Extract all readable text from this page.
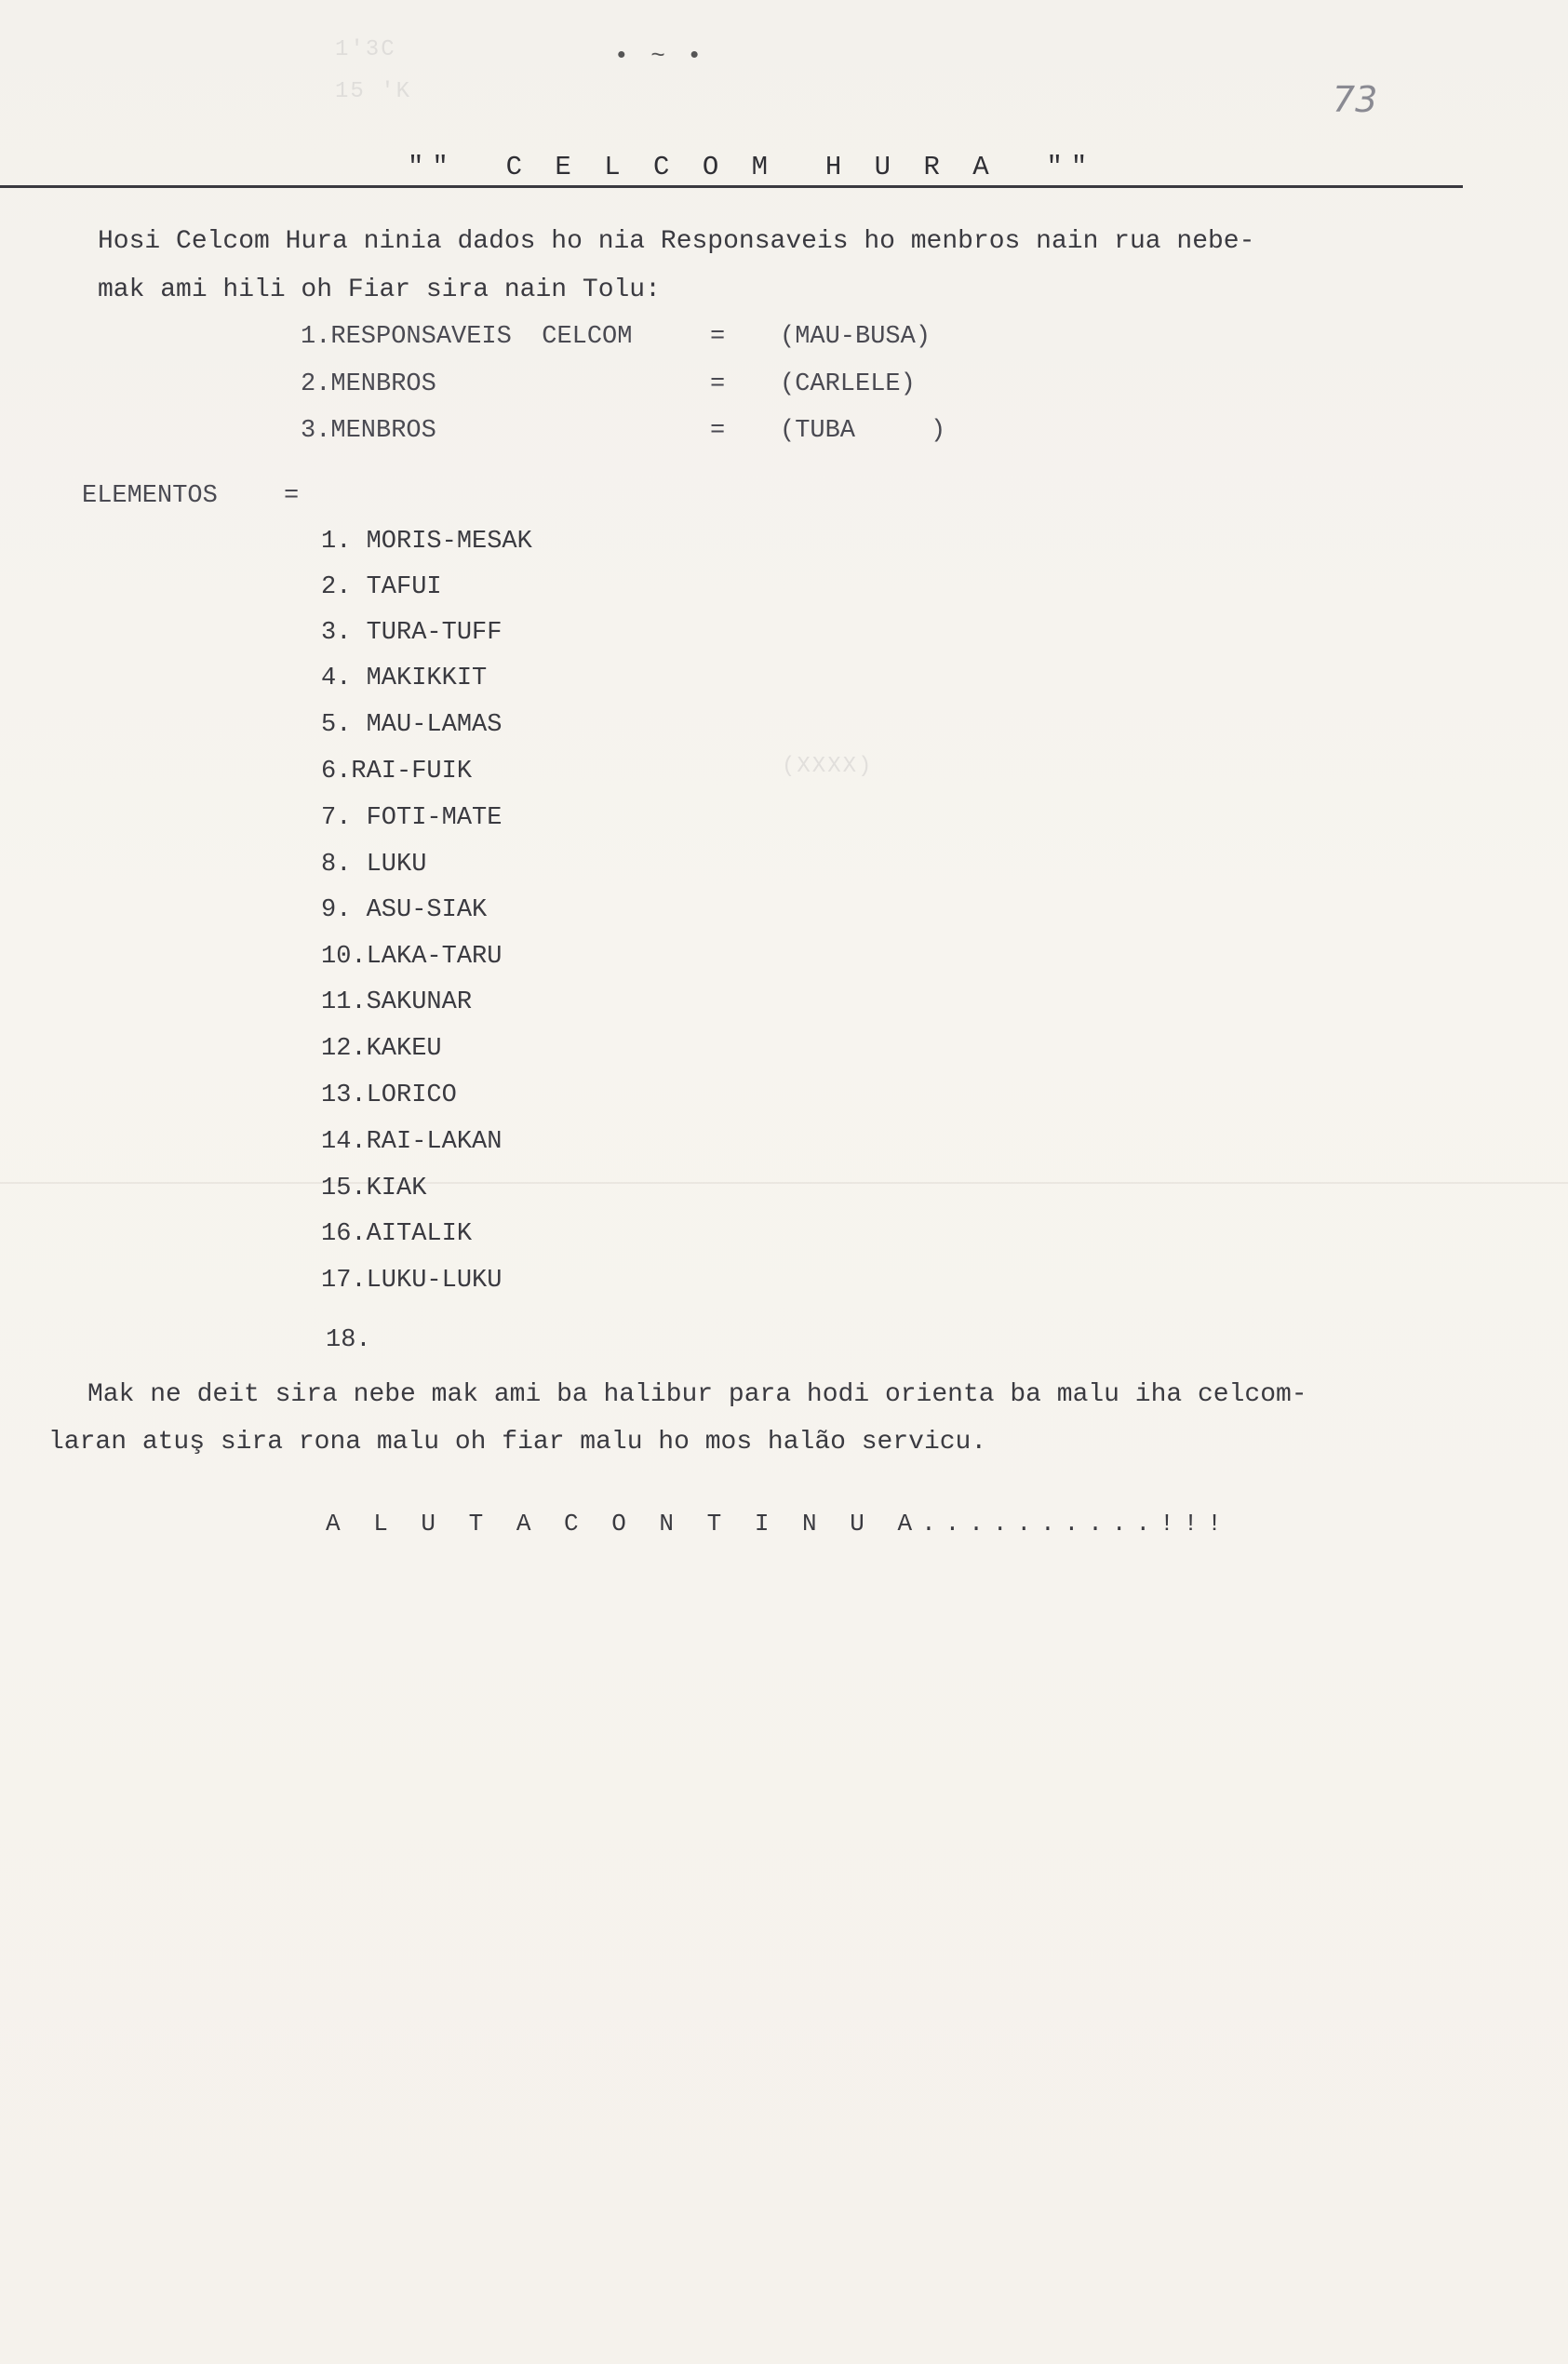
1'3C
15 'K
(XXXX)
• ~ •
73
""  C E L C O M  H U R A  ""
Hosi Celcom Hura ninia dados ho nia Responsaveis ho menbros nain rua nebe-
mak ami hili oh Fiar sira nain Tolu:
1.RESPONSAVEIS  CELCOM	= (MAU-BUSA)
2.MENBROS	= (CARLELE)
3.MENBROS	= (TUBA     )
ELEMENTOS	=
1. MORIS-MESAK
2. TAFUI
3. TURA-TUFF
4. MAKIKKIT
5. MAU-LAMAS
6.RAI-FUIK
7. FOTI-MATE
8. LUKU
9. ASU-SIAK
10.LAKA-TARU
11.SAKUNAR
12.KAKEU
13.LORICO
14.RAI-LAKAN
15.KIAK
16.AITALIK
17.LUKU-LUKU
18.
Mak ne deit sira nebe mak ami ba halibur para hodi orienta ba malu iha celcom-
laran atuş sira rona malu oh fiar malu ho mos halão servicu.
A L U T A C O N T I N U A..........!!!
